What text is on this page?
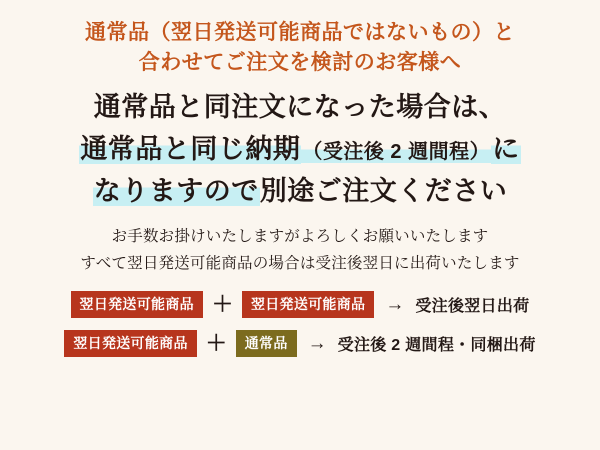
通常品（翌日発送可能商品ではないもの）と
合わせてご注文を検討のお客様へ
通常品と同注文になった場合は、
通常品と同じ納期 （受注後 2 週間程）に
なりますので別途ご注文ください
お手数お掛けいたしますがよろしくお願いいたします
すべて翌日発送可能商品の場合は受注後翌日に出荷いたします
翌日発送可能商品 ＋	翌日発送可能商品	→ 受注後翌日出荷
翌日発送可能商品 ＋	通常品	→ 受注後 2 週間程・同梱出荷
